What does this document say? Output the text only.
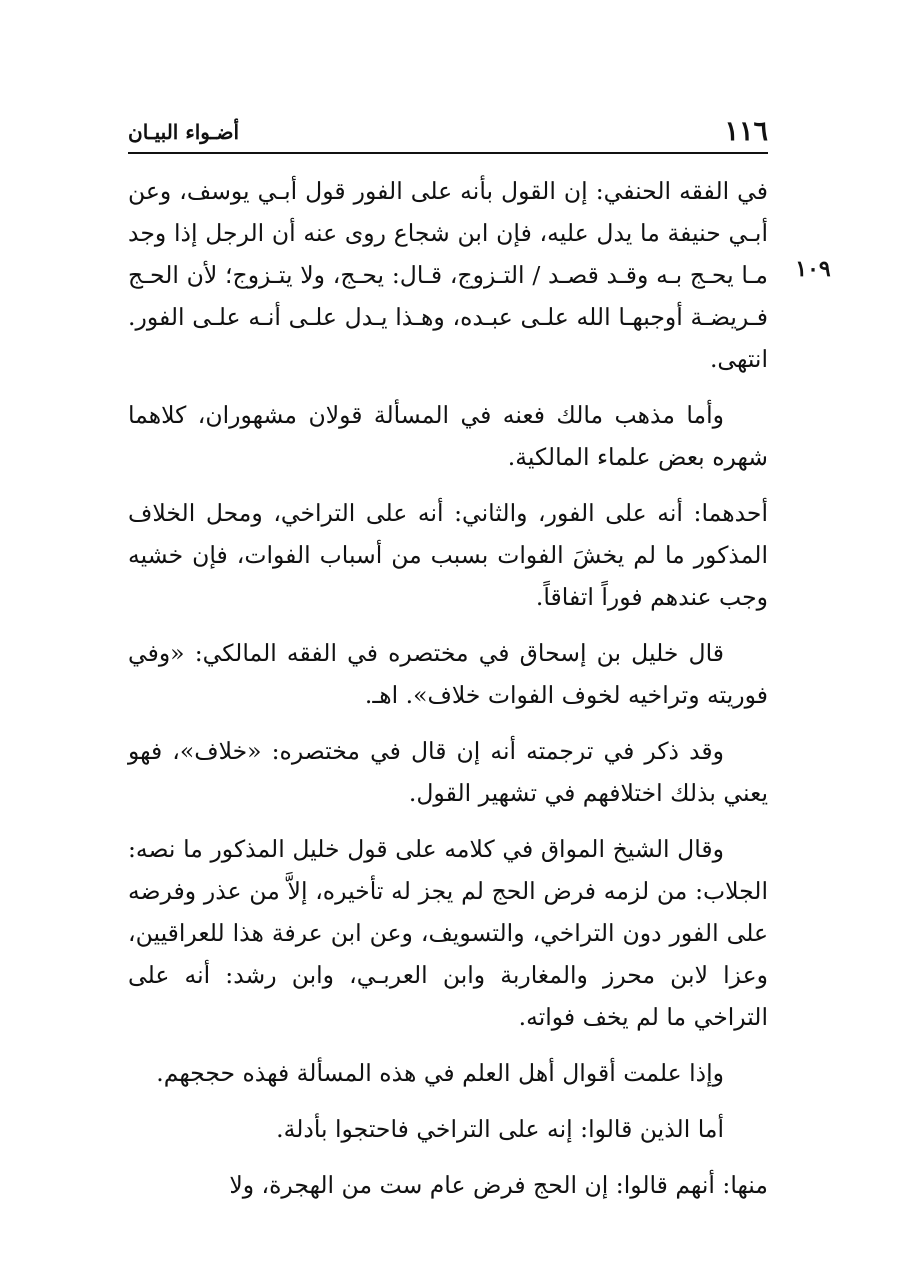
١١٦
أضـواء البيـان
١٠٩

في الفقه الحنفي: إن القول بأنه على الفور قول أبـي يوسف، وعن أبـي حنيفة ما يدل عليه، فإن ابن شجاع روى عنه أن الرجل إذا وجد مـا يحـج بـه وقـد قصـد / التـزوج، قـال: يحـج، ولا يتـزوج؛ لأن الحـج فـريضـة أوجبهـا الله علـى عبـده، وهـذا يـدل علـى أنـه علـى الفور. انتهى.

وأما مذهب مالك فعنه في المسألة قولان مشهوران، كلاهما شهره بعض علماء المالكية.

أحدهما: أنه على الفور، والثاني: أنه على التراخي، ومحل الخلاف المذكور ما لم يخشَ الفوات بسبب من أسباب الفوات، فإن خشيه وجب عندهم فوراً اتفاقاً.

قال خليل بن إسحاق في مختصره في الفقه المالكي: «وفي فوريته وتراخيه لخوف الفوات خلاف». اهـ.

وقد ذكر في ترجمته أنه إن قال في مختصره: «خلاف»، فهو يعني بذلك اختلافهم في تشهير القول.

وقال الشيخ المواق في كلامه على قول خليل المذكور ما نصه: الجلاب: من لزمه فرض الحج لم يجز له تأخيره، إلاَّ من عذر وفرضه على الفور دون التراخي، والتسويف، وعن ابن عرفة هذا للعراقيين، وعزا لابن محرز والمغاربة وابن العربـي، وابن رشد: أنه على التراخي ما لم يخف فواته.

وإذا علمت أقوال أهل العلم في هذه المسألة فهذه حججهم.

أما الذين قالوا: إنه على التراخي فاحتجوا بأدلة.

منها: أنهم قالوا: إن الحج فرض عام ست من الهجرة، ولا
